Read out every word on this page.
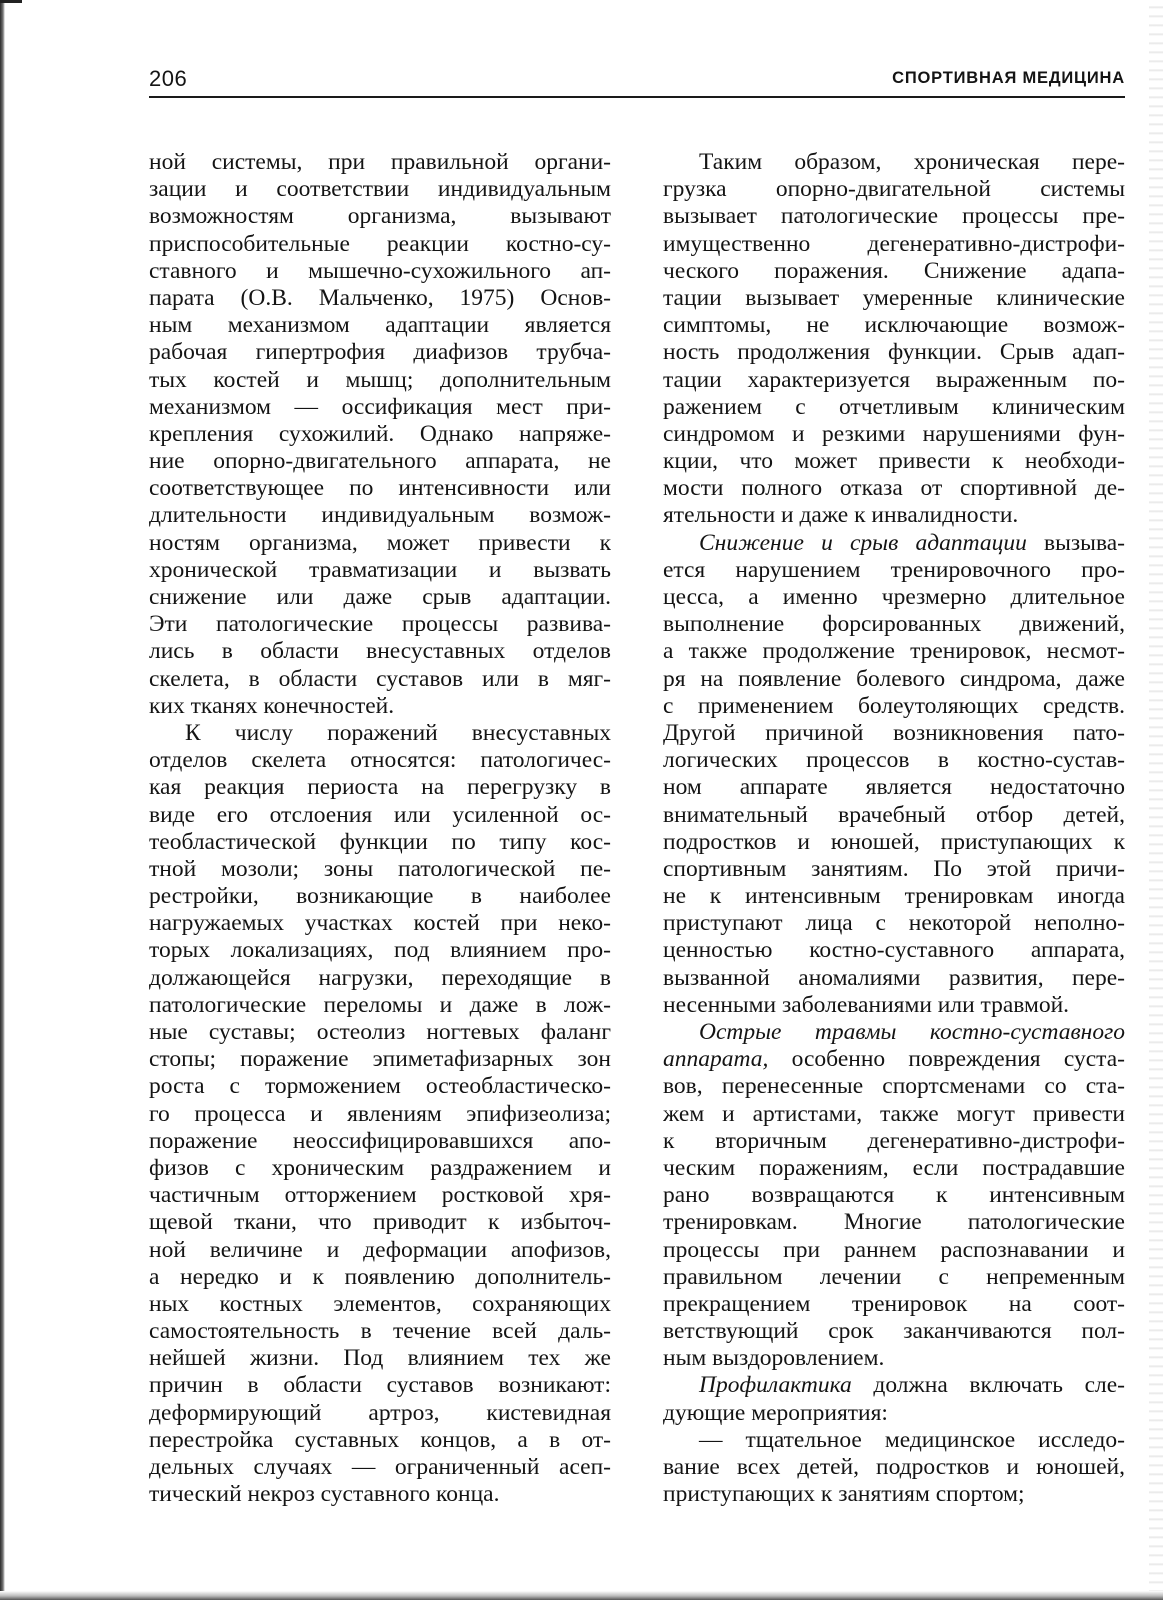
206	СПОРТИВНАЯ МЕДИЦИНА
ной системы, при правильной органи-
зации и соответствии индивидуальным
возможностям организма, вызывают
приспособительные реакции костно-су-
ставного и мышечно-сухожильного ап-
парата (О.В. Мальченко, 1975) Основ-
ным механизмом адаптации является
рабочая гипертрофия диафизов трубча-
тых костей и мышц; дополнительным
механизмом — оссификация мест при-
крепления сухожилий. Однако напряже-
ние опорно-двигательного аппарата, не
соответствующее по интенсивности или
длительности индивидуальным возмож-
ностям организма, может привести к
хронической травматизации и вызвать
снижение или даже срыв адаптации.
Эти патологические процессы развива-
лись в области внесуставных отделов
скелета, в области суставов или в мяг-
ких тканях конечностей.
К числу поражений внесуставных
отделов скелета относятся: патологичес-
кая реакция периоста на перегрузку в
виде его отслоения или усиленной ос-
теобластической функции по типу кос-
тной мозоли; зоны патологической пе-
рестройки, возникающие в наиболее
нагружаемых участках костей при неко-
торых локализациях, под влиянием про-
должающейся нагрузки, переходящие в
патологические переломы и даже в лож-
ные суставы; остеолиз ногтевых фаланг
стопы; поражение эпиметафизарных зон
роста с торможением остеобластическо-
го процесса и явлениям эпифизеолиза;
поражение неоссифицировавшихся апо-
физов с хроническим раздражением и
частичным отторжением ростковой хря-
щевой ткани, что приводит к избыточ-
ной величине и деформации апофизов,
а нередко и к появлению дополнитель-
ных костных элементов, сохраняющих
самостоятельность в течение всей даль-
нейшей жизни. Под влиянием тех же
причин в области суставов возникают:
деформирующий артроз, кистевидная
перестройка суставных концов, а в от-
дельных случаях — ограниченный асеп-
тический некроз суставного конца.
Таким образом, хроническая пере-
грузка опорно-двигательной системы
вызывает патологические процессы пре-
имущественно дегенеративно-дистрофи-
ческого поражения. Снижение адапа-
тации вызывает умеренные клинические
симптомы, не исключающие возмож-
ность продолжения функции. Срыв адап-
тации характеризуется выраженным по-
ражением с отчетливым клиническим
синдромом и резкими нарушениями фун-
кции, что может привести к необходи-
мости полного отказа от спортивной де-
ятельности и даже к инвалидности.
Снижение и срыв адаптации вызыва-
ется нарушением тренировочного про-
цесса, а именно чрезмерно длительное
выполнение форсированных движений,
а также продолжение тренировок, несмот-
ря на появление болевого синдрома, даже
с применением болеутоляющих средств.
Другой причиной возникновения пато-
логических процессов в костно-сустав-
ном аппарате является недостаточно
внимательный врачебный отбор детей,
подростков и юношей, приступающих к
спортивным занятиям. По этой причи-
не к интенсивным тренировкам иногда
приступают лица с некоторой неполно-
ценностью костно-суставного аппарата,
вызванной аномалиями развития, пере-
несенными заболеваниями или травмой.
Острые травмы костно-суставного
аппарата, особенно повреждения суста-
вов, перенесенные спортсменами со ста-
жем и артистами, также могут привести
к вторичным дегенеративно-дистрофи-
ческим поражениям, если пострадавшие
рано возвращаются к интенсивным
тренировкам. Многие патологические
процессы при раннем распознавании и
правильном лечении с непременным
прекращением тренировок на соот-
ветствующий срок заканчиваются пол-
ным выздоровлением.
Профилактика должна включать сле-
дующие мероприятия:
— тщательное медицинское исследо-
вание всех детей, подростков и юношей,
приступающих к занятиям спортом;
